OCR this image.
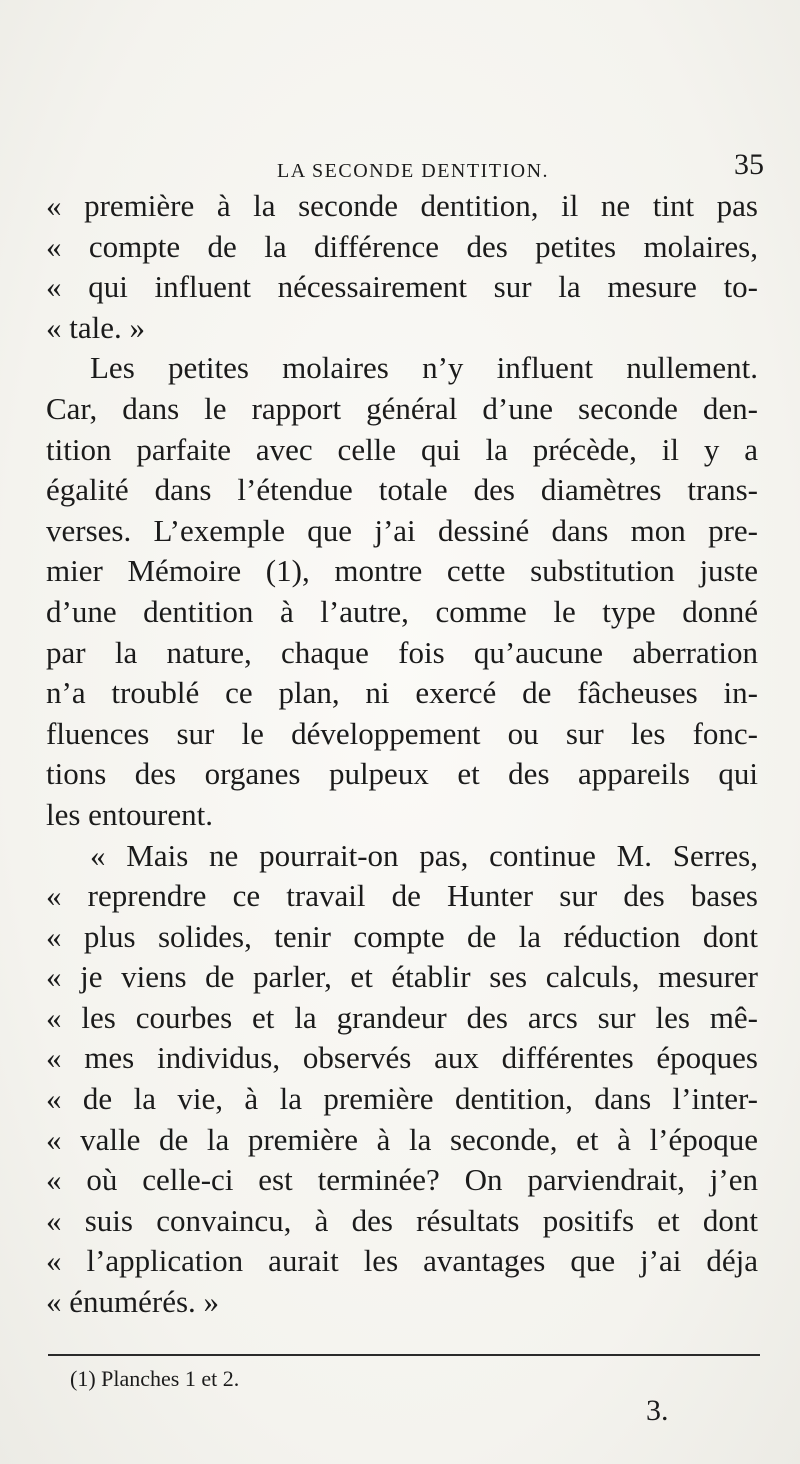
LA SECONDE DENTITION.	35
« première à la seconde dentition, il ne tint pas
« compte de la différence des petites molaires,
« qui influent nécessairement sur la mesure to-
« tale. »
Les petites molaires n’y influent nullement.
Car, dans le rapport général d’une seconde den-
tition parfaite avec celle qui la précède, il y a
égalité dans l’étendue totale des diamètres trans-
verses. L’exemple que j’ai dessiné dans mon pre-
mier Mémoire (1), montre cette substitution juste
d’une dentition à l’autre, comme le type donné
par la nature, chaque fois qu’aucune aberration
n’a troublé ce plan, ni exercé de fâcheuses in-
fluences sur le développement ou sur les fonc-
tions des organes pulpeux et des appareils qui
les entourent.
« Mais ne pourrait-on pas, continue M. Serres,
« reprendre ce travail de Hunter sur des bases
« plus solides, tenir compte de la réduction dont
« je viens de parler, et établir ses calculs, mesurer
« les courbes et la grandeur des arcs sur les mê-
« mes individus, observés aux différentes époques
« de la vie, à la première dentition, dans l’inter-
« valle de la première à la seconde, et à l’époque
« où celle-ci est terminée? On parviendrait, j’en
« suis convaincu, à des résultats positifs et dont
« l’application aurait les avantages que j’ai déja
« énumérés. »
(1) Planches 1 et 2.
3.
